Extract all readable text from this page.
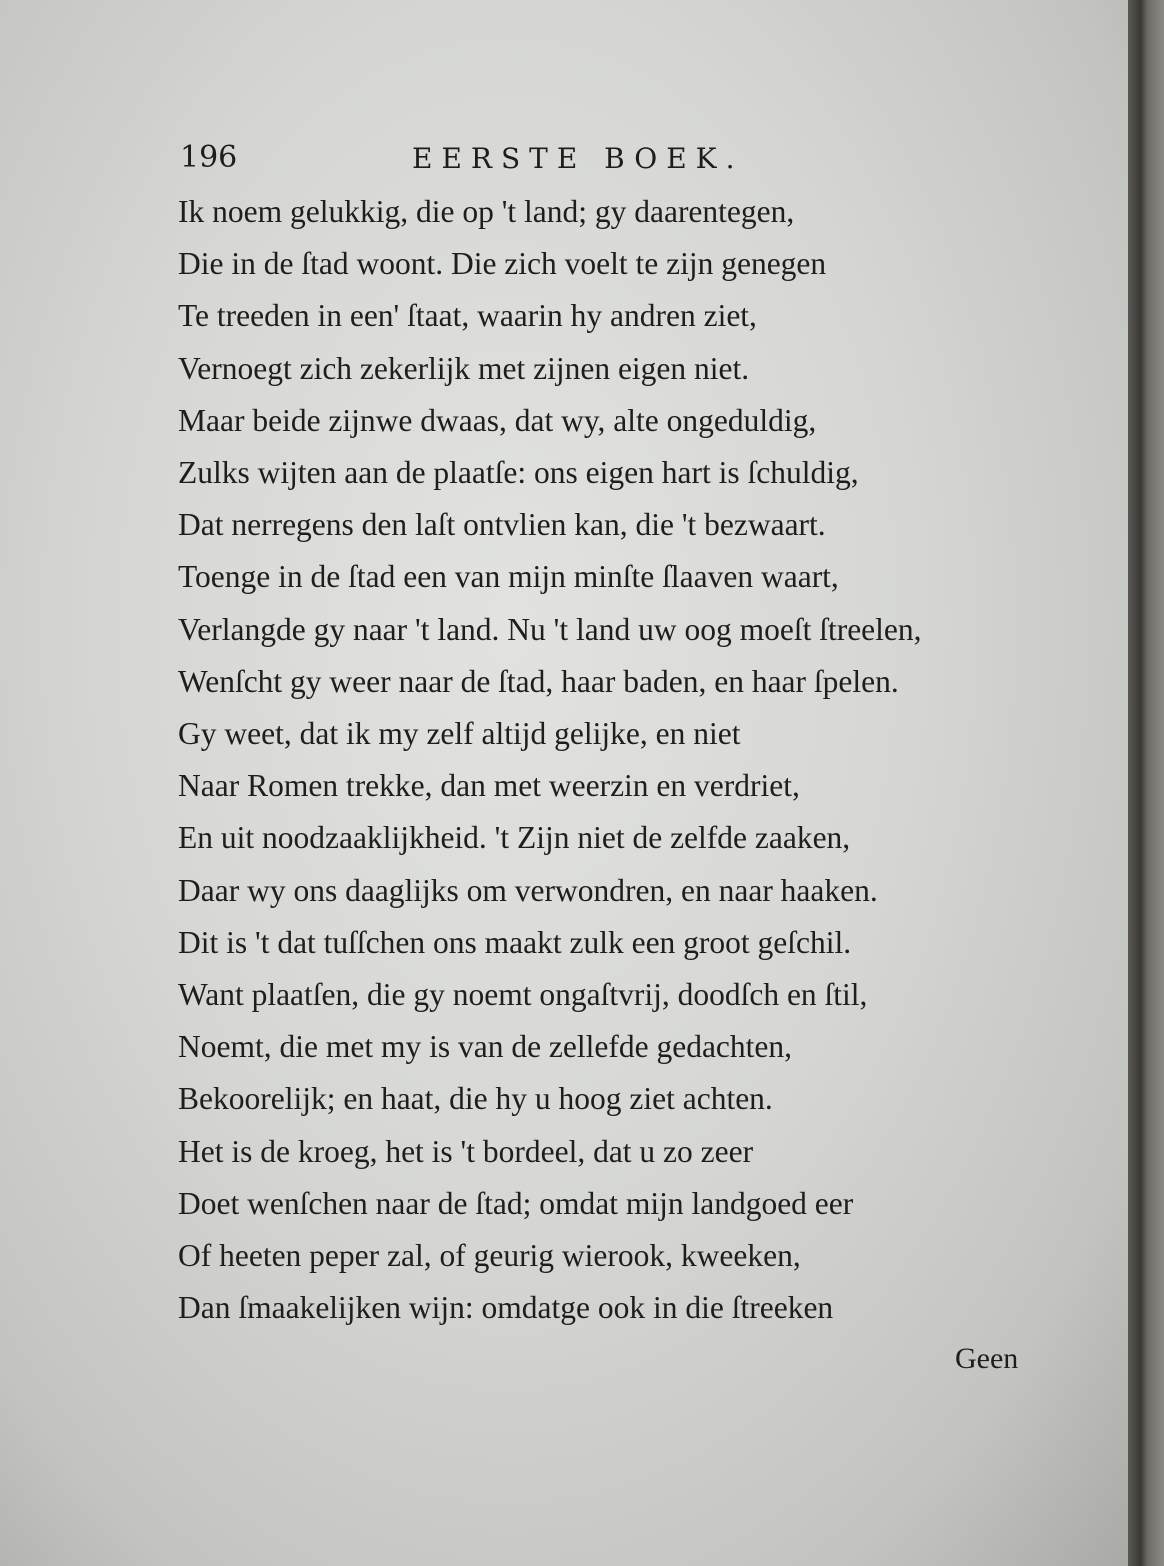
196	EERSTE BOEK.
Ik noem gelukkig, die op 't land; gy daarentegen,
Die in de ſtad woont. Die zich voelt te zijn genegen
Te treeden in een' ſtaat, waarin hy andren ziet,
Vernoegt zich zekerlijk met zijnen eigen niet.
Maar beide zijnwe dwaas, dat wy, alte ongeduldig,
Zulks wijten aan de plaatſe: ons eigen hart is ſchuldig,
Dat nerregens den laſt ontvlien kan, die 't bezwaart.
Toenge in de ſtad een van mijn minſte ſlaaven waart,
Verlangde gy naar 't land. Nu 't land uw oog moeſt ſtreelen,
Wenſcht gy weer naar de ſtad, haar baden, en haar ſpelen.
Gy weet, dat ik my zelf altijd gelijke, en niet
Naar Romen trekke, dan met weerzin en verdriet,
En uit noodzaaklijkheid. 't Zijn niet de zelfde zaaken,
Daar wy ons daaglijks om verwondren, en naar haaken.
Dit is 't dat tuſſchen ons maakt zulk een groot geſchil.
Want plaatſen, die gy noemt ongaſtvrij, doodſch en ſtil,
Noemt, die met my is van de zellefde gedachten,
Bekoorelijk; en haat, die hy u hoog ziet achten.
Het is de kroeg, het is 't bordeel, dat u zo zeer
Doet wenſchen naar de ſtad; omdat mijn landgoed eer
Of heeten peper zal, of geurig wierook, kweeken,
Dan ſmaakelijken wijn: omdatge ook in die ſtreeken
Geen
